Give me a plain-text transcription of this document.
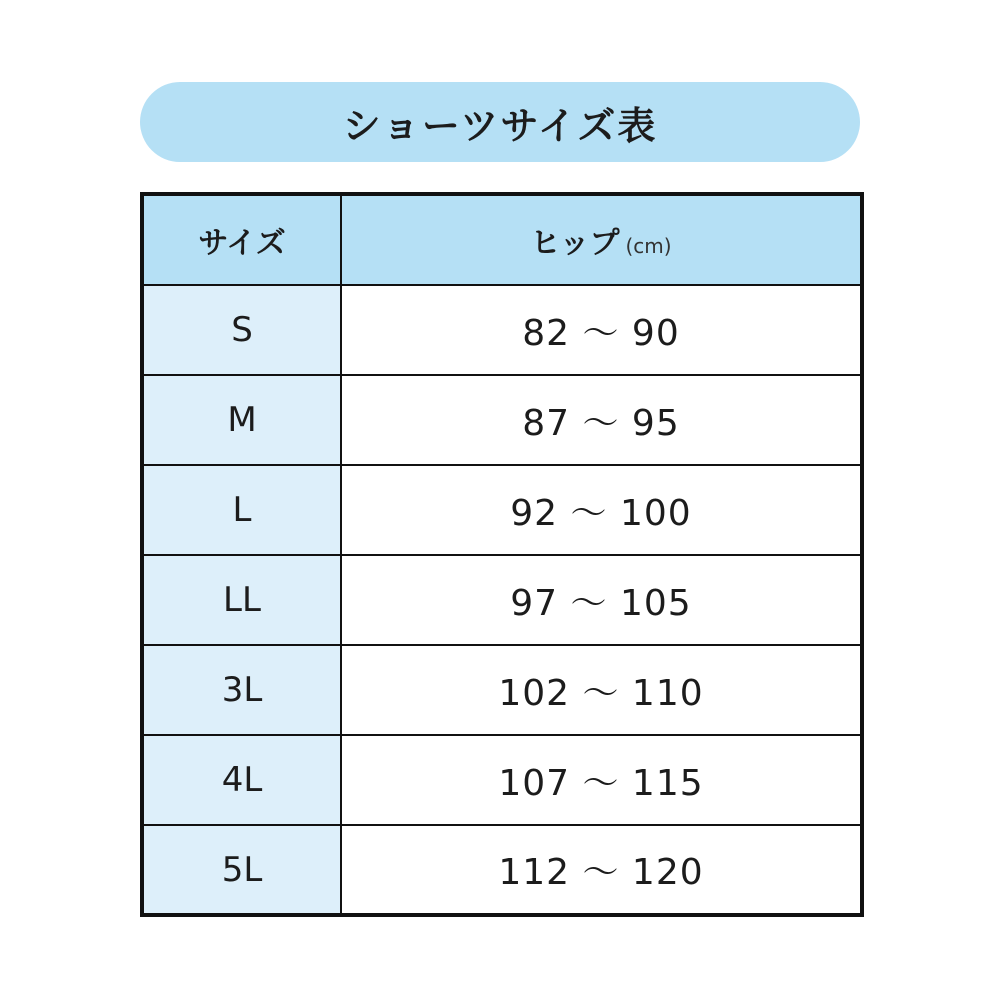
ショーツサイズ表
サイズ	ヒップ (cm)
S	82 〜 90
M	87 〜 95
L	92 〜 100
LL	97 〜 105
3L	102 〜 110
4L	107 〜 115
5L	112 〜 120
